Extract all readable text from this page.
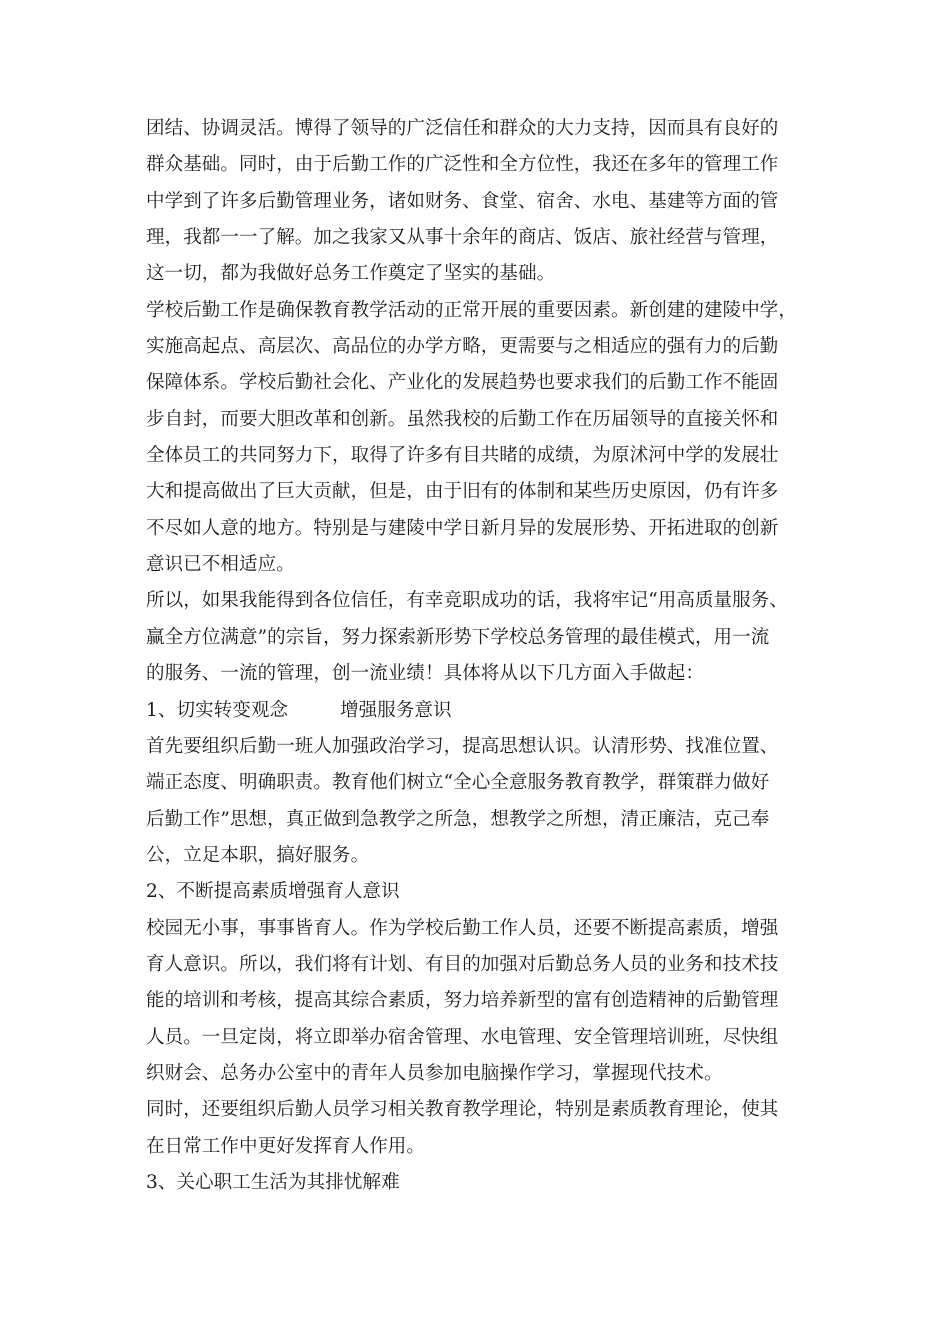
团结、协调灵活。博得了领导的广泛信任和群众的大力支持，因而具有良好的
群众基础。同时，由于后勤工作的广泛性和全方位性，我还在多年的管理工作
中学到了许多后勤管理业务，诸如财务、食堂、宿舍、水电、基建等方面的管
理，我都一一了解。加之我家又从事十余年的商店、饭店、旅社经营与管理，
这一切，都为我做好总务工作奠定了坚实的基础。
学校后勤工作是确保教育教学活动的正常开展的重要因素。新创建的建陵中学，
实施高起点、高层次、高品位的办学方略，更需要与之相适应的强有力的后勤
保障体系。学校后勤社会化、产业化的发展趋势也要求我们的后勤工作不能固
步自封，而要大胆改革和创新。虽然我校的后勤工作在历届领导的直接关怀和
全体员工的共同努力下，取得了许多有目共睹的成绩，为原沭河中学的发展壮
大和提高做出了巨大贡献，但是，由于旧有的体制和某些历史原因，仍有许多
不尽如人意的地方。特别是与建陵中学日新月异的发展形势、开拓进取的创新
意识已不相适应。
所以，如果我能得到各位信任，有幸竞职成功的话，我将牢记“用高质量服务、
赢全方位满意”的宗旨，努力探索新形势下学校总务管理的最佳模式，用一流
的服务、一流的管理，创一流业绩！具体将从以下几方面入手做起：
1、切实转变观念	增强服务意识
首先要组织后勤一班人加强政治学习，提高思想认识。认清形势、找准位置、
端正态度、明确职责。教育他们树立“全心全意服务教育教学，群策群力做好
后勤工作”思想，真正做到急教学之所急，想教学之所想，清正廉洁，克己奉
公，立足本职，搞好服务。
2、不断提高素质增强育人意识
校园无小事，事事皆育人。作为学校后勤工作人员，还要不断提高素质，增强
育人意识。所以，我们将有计划、有目的加强对后勤总务人员的业务和技术技
能的培训和考核，提高其综合素质，努力培养新型的富有创造精神的后勤管理
人员。一旦定岗，将立即举办宿舍管理、水电管理、安全管理培训班，尽快组
织财会、总务办公室中的青年人员参加电脑操作学习，掌握现代技术。
同时，还要组织后勤人员学习相关教育教学理论，特别是素质教育理论，使其
在日常工作中更好发挥育人作用。
3、关心职工生活为其排忧解难
